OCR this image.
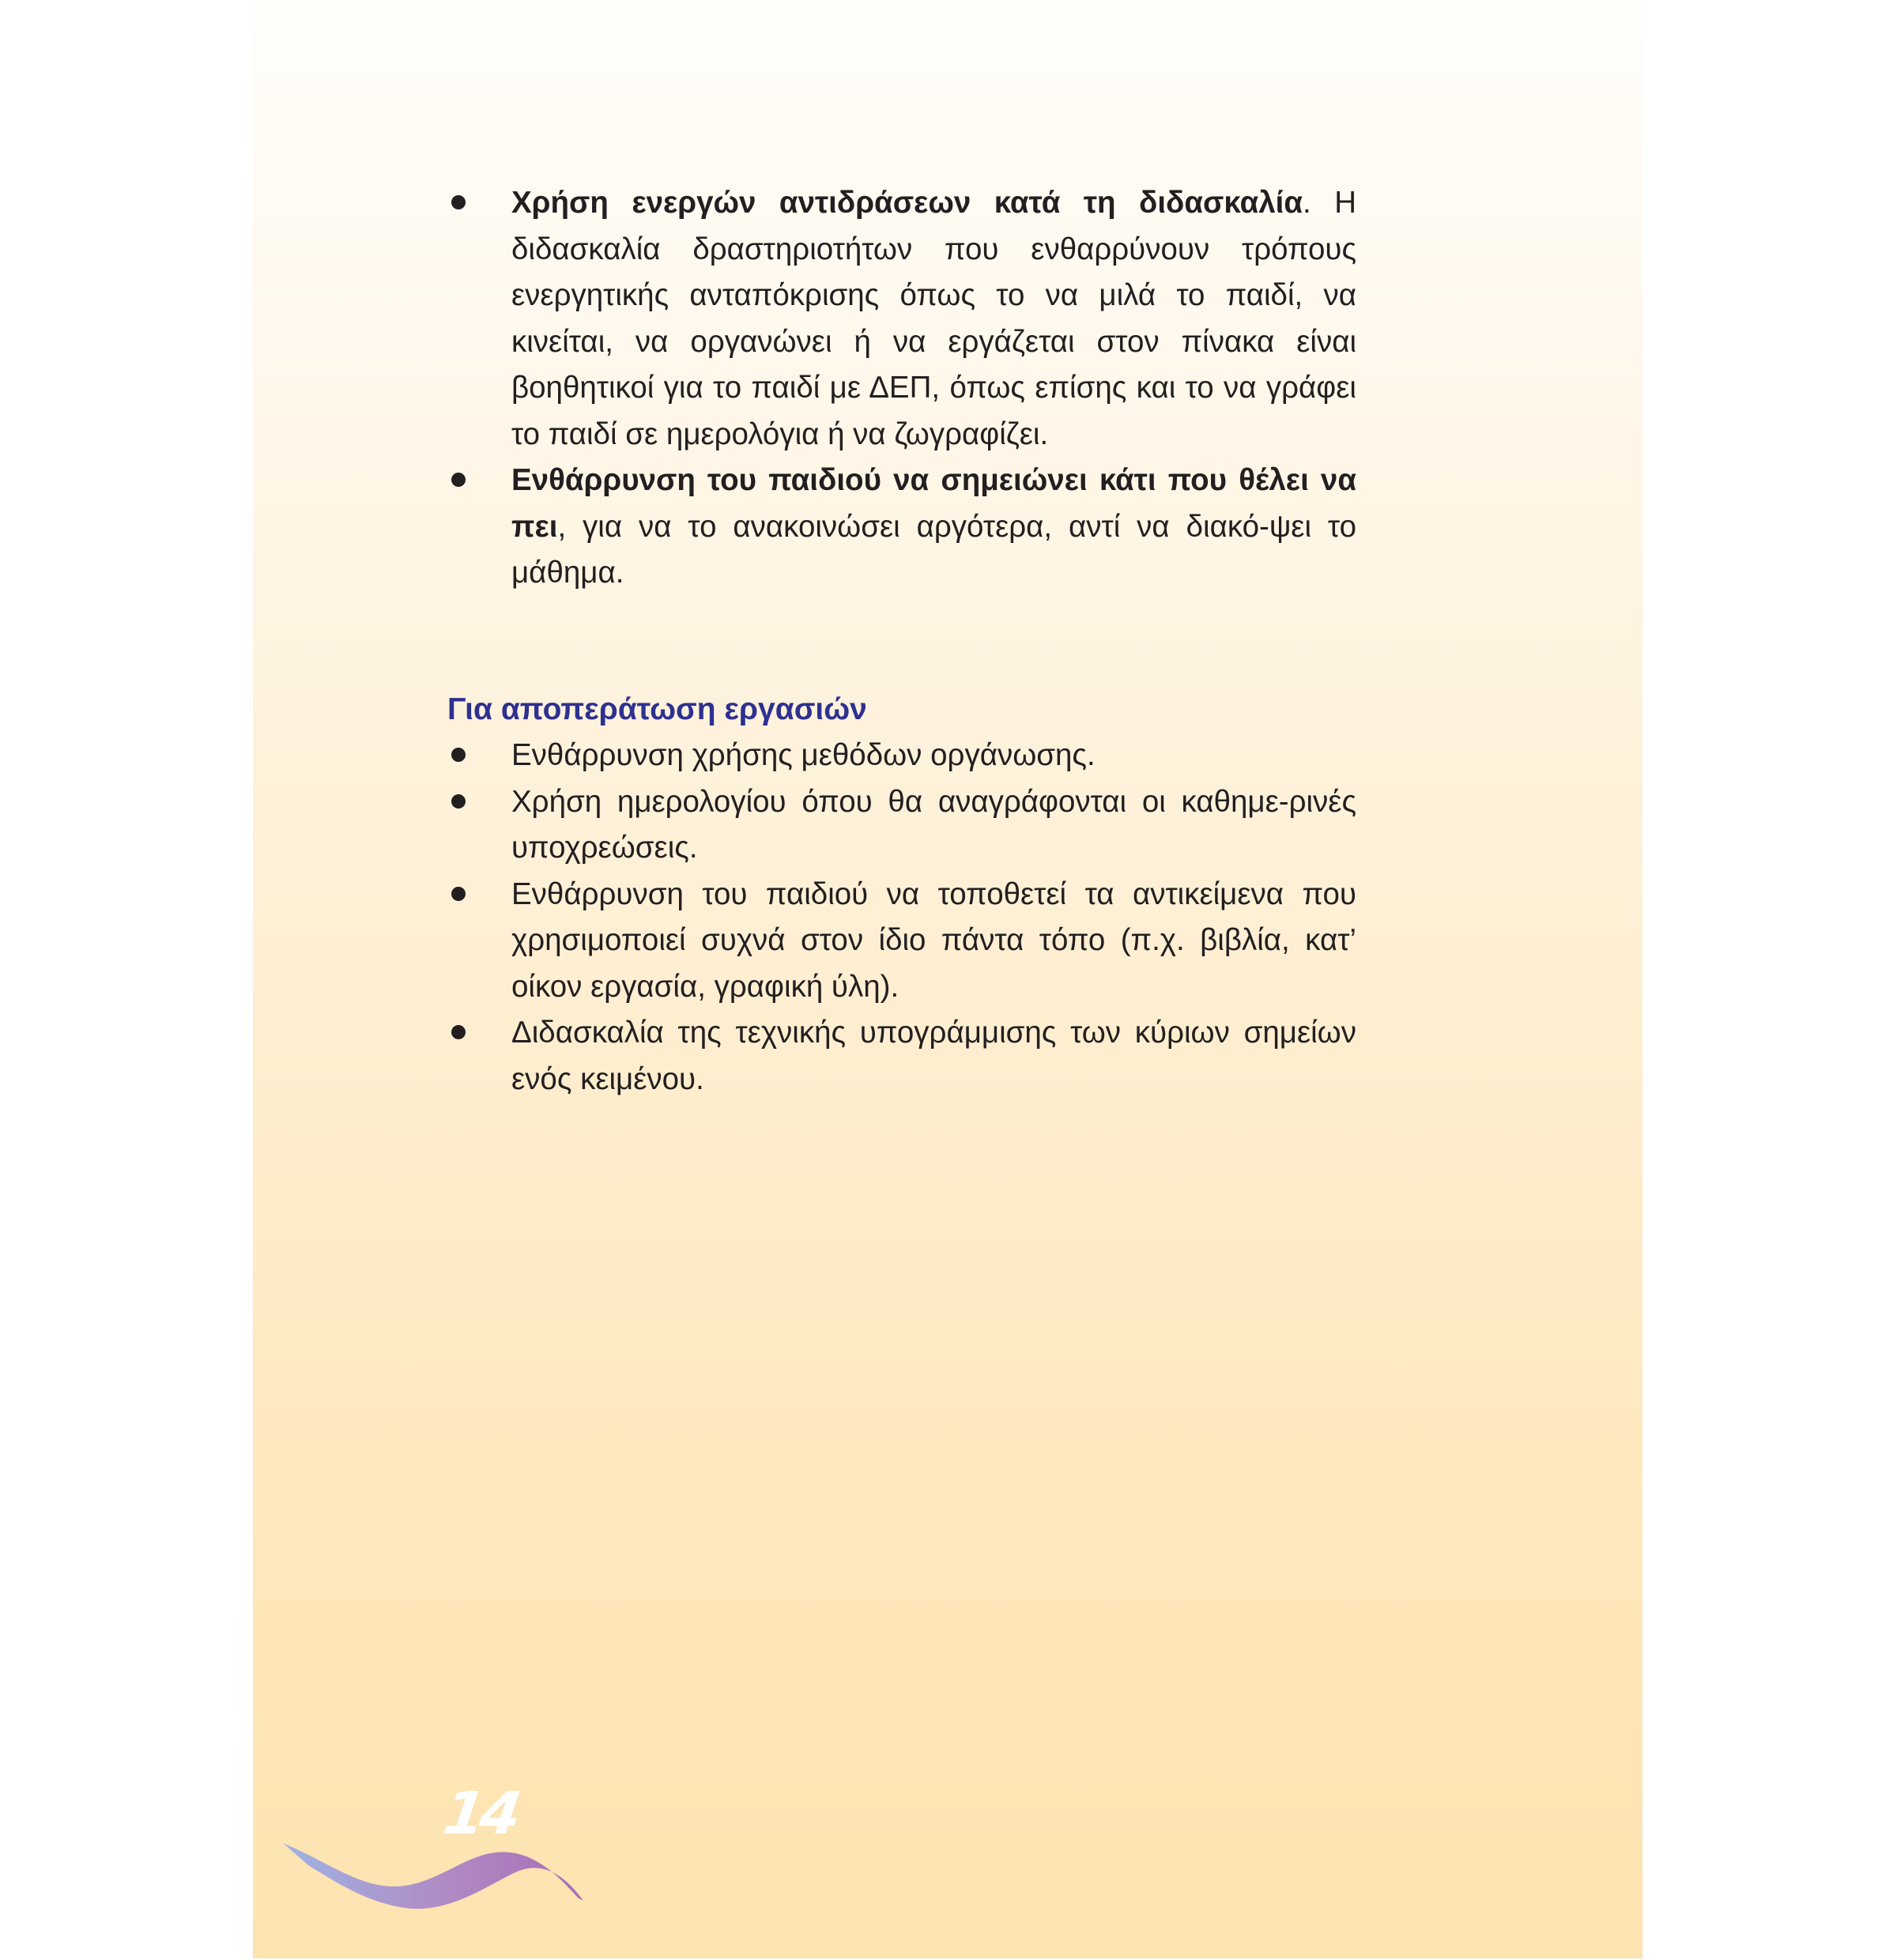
Χρήση ενεργών αντιδράσεων κατά τη διδασκαλία. Η διδασκαλία δραστηριοτήτων που ενθαρρύνουν τρόπους ενεργητικής ανταπόκρισης όπως το να μιλά το παιδί, να κινείται, να οργανώνει ή να εργάζεται στον πίνακα είναι βοηθητικοί για το παιδί με ΔΕΠ, όπως επίσης και το να γράφει το παιδί σε ημερολόγια ή να ζωγραφίζει.
Ενθάρρυνση του παιδιού να σημειώνει κάτι που θέλει να πει, για να το ανακοινώσει αργότερα, αντί να διακό-ψει το μάθημα.
Για αποπεράτωση εργασιών
Ενθάρρυνση χρήσης μεθόδων οργάνωσης.
Χρήση ημερολογίου όπου θα αναγράφονται οι καθημε-ρινές υποχρεώσεις.
Ενθάρρυνση του παιδιού να τοποθετεί τα αντικείμενα που χρησιμοποιεί συχνά στον ίδιο πάντα τόπο (π.χ. βιβλία, κατ’ οίκον εργασία, γραφική ύλη).
Διδασκαλία της τεχνικής υπογράμμισης των κύριων σημείων ενός κειμένου.
14
